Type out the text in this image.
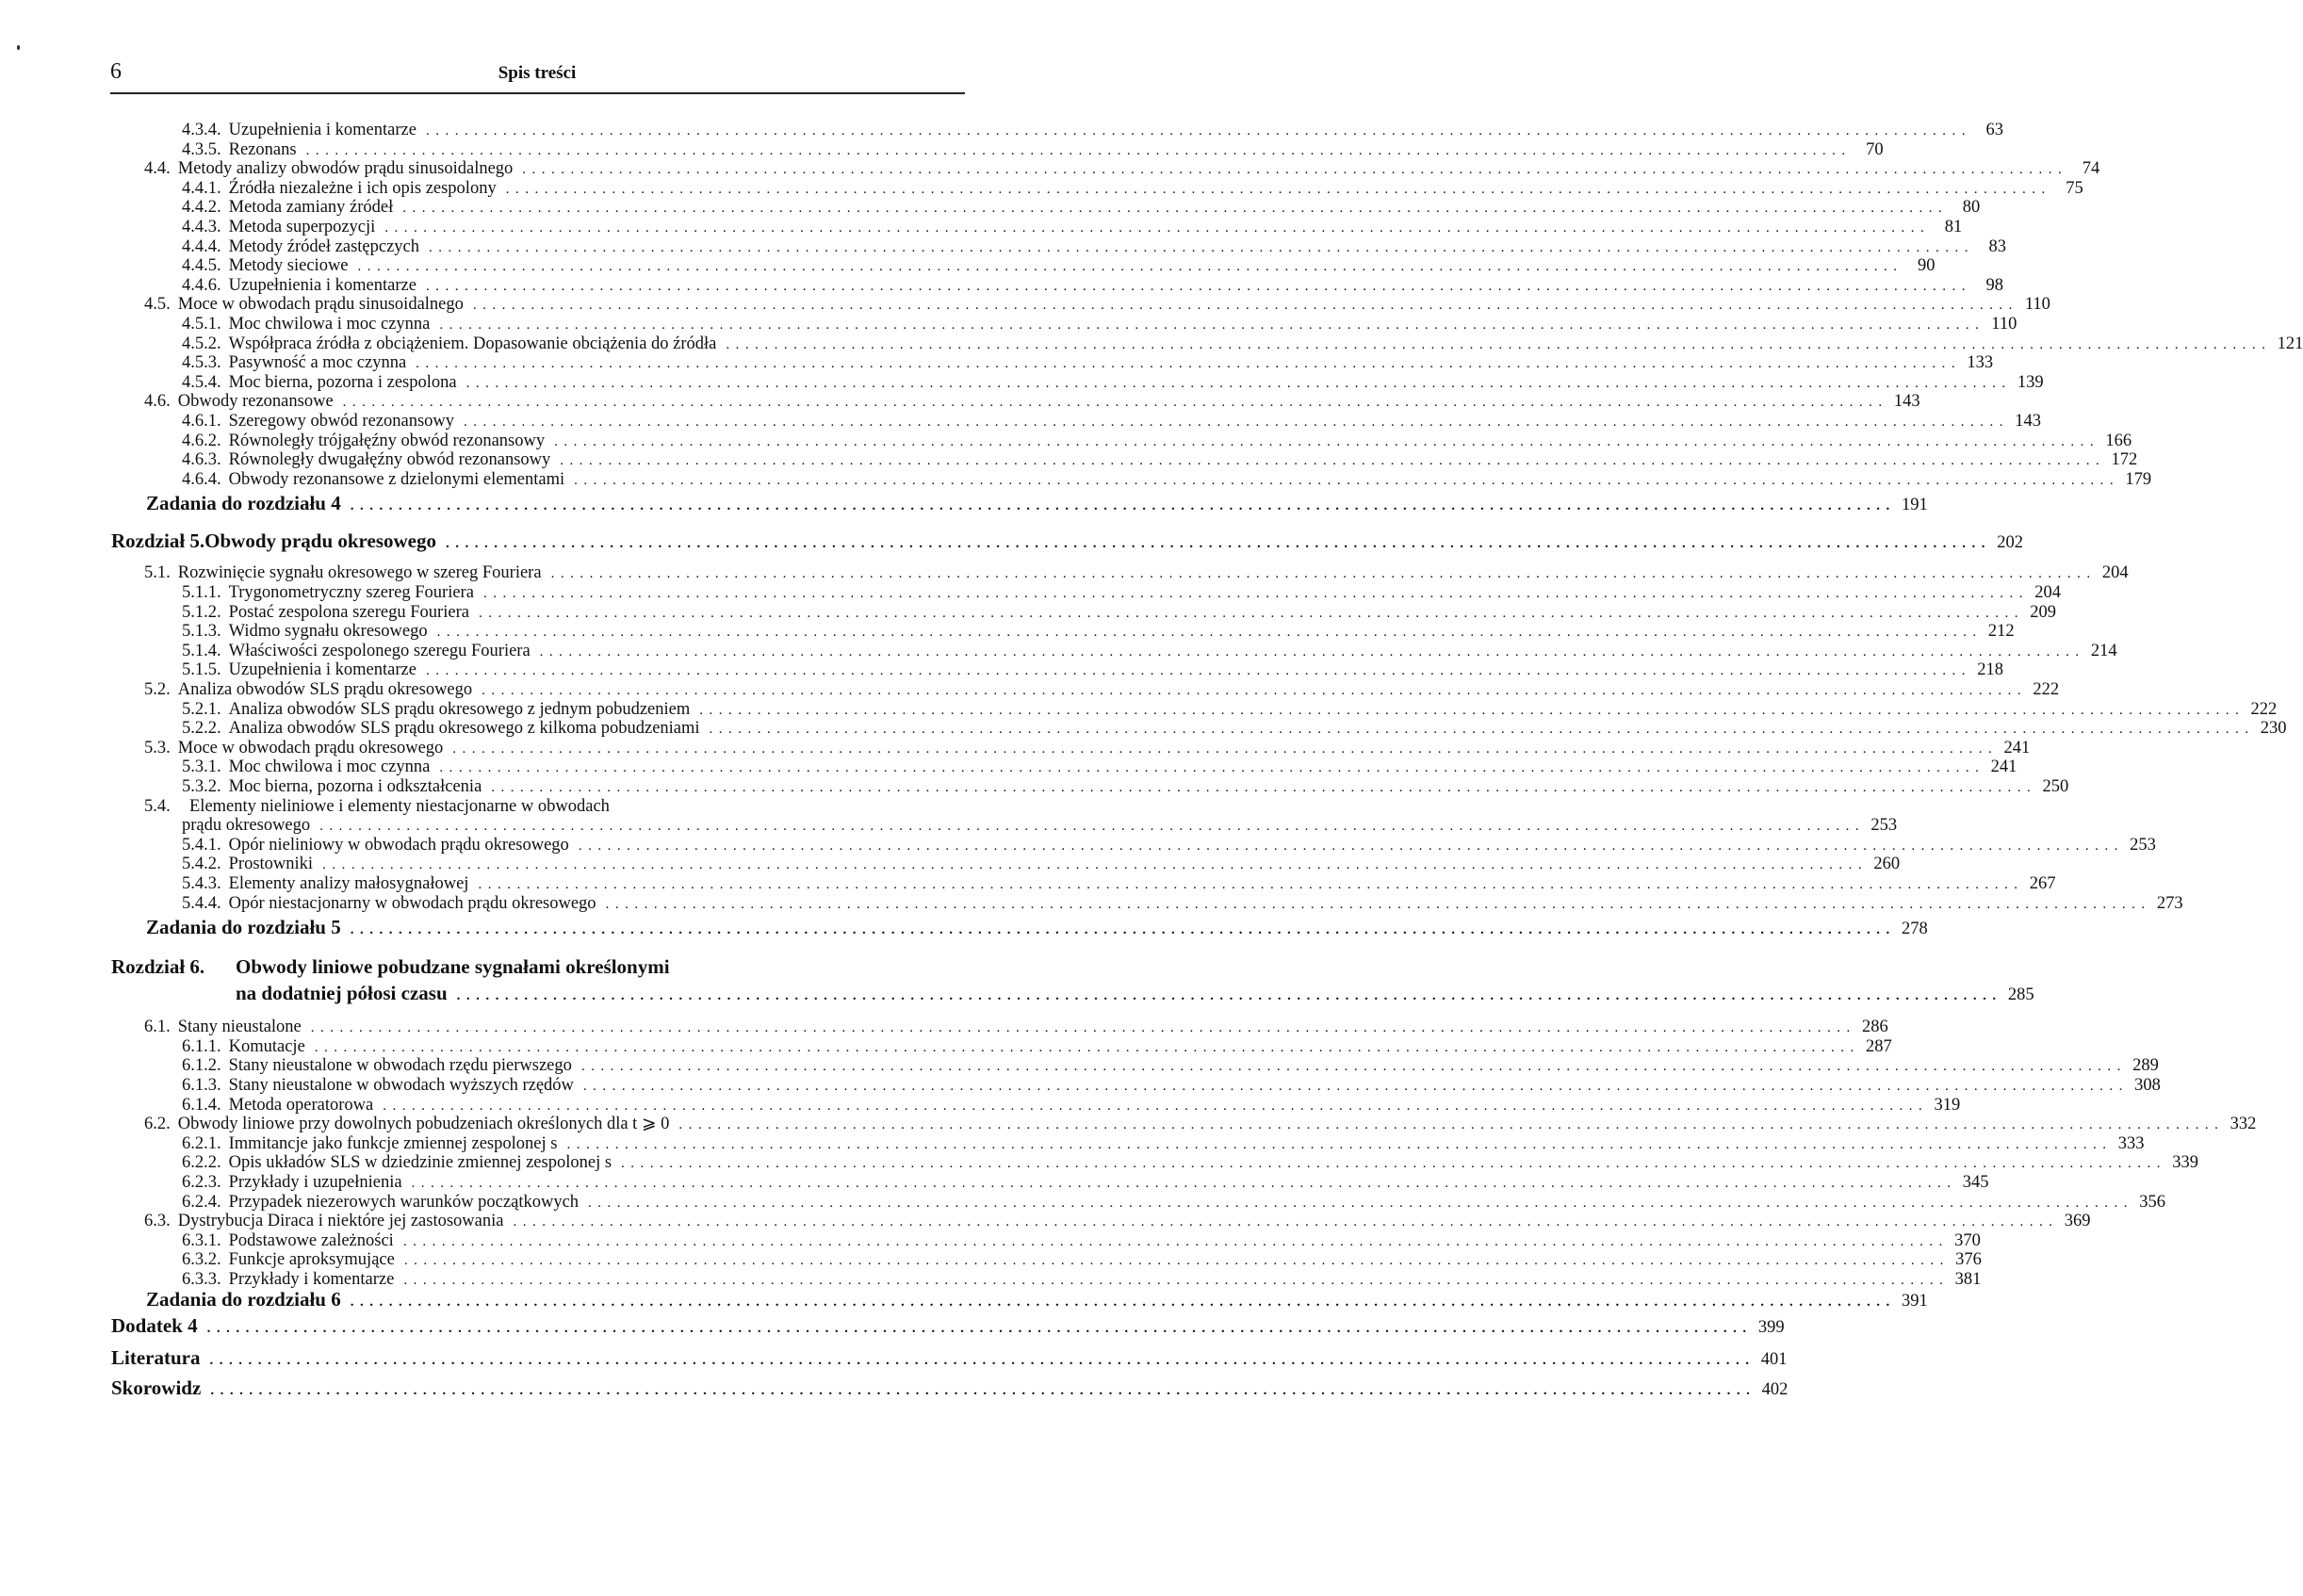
6	Spis treści
4.3.4. Uzupełnienia i komentarze ................................................................................................................................................................ 63
4.3.5. Rezonans ................................................................................................................................................................ 70
4.4. Metody analizy obwodów prądu sinusoidalnego ................................................................................................................................................................ 74
4.4.1. Źródła niezależne i ich opis zespolony ................................................................................................................................................................ 75
4.4.2. Metoda zamiany źródeł ................................................................................................................................................................ 80
4.4.3. Metoda superpozycji ................................................................................................................................................................ 81
4.4.4. Metody źródeł zastępczych ................................................................................................................................................................ 83
4.4.5. Metody sieciowe ................................................................................................................................................................ 90
4.4.6. Uzupełnienia i komentarze ................................................................................................................................................................ 98
4.5. Moce w obwodach prądu sinusoidalnego ................................................................................................................................................................ 110
4.5.1. Moc chwilowa i moc czynna ................................................................................................................................................................ 110
4.5.2. Współpraca źródła z obciążeniem. Dopasowanie obciążenia do źródła ................................................................................................................................................................ 121
4.5.3. Pasywność a moc czynna ................................................................................................................................................................ 133
4.5.4. Moc bierna, pozorna i zespolona ................................................................................................................................................................ 139
4.6. Obwody rezonansowe ................................................................................................................................................................ 143
4.6.1. Szeregowy obwód rezonansowy ................................................................................................................................................................ 143
4.6.2. Równoległy trójgałęźny obwód rezonansowy ................................................................................................................................................................ 166
4.6.3. Równoległy dwugałęźny obwód rezonansowy ................................................................................................................................................................ 172
4.6.4. Obwody rezonansowe z dzielonymi elementami ................................................................................................................................................................ 179
Zadania do rozdziału 4 ................................................................................................................................................................ 191
Rozdział 5. Obwody prądu okresowego ................................................................................................................................................................ 202
5.1. Rozwinięcie sygnału okresowego w szereg Fouriera ................................................................................................................................................................ 204
5.1.1. Trygonometryczny szereg Fouriera ................................................................................................................................................................ 204
5.1.2. Postać zespolona szeregu Fouriera ................................................................................................................................................................ 209
5.1.3. Widmo sygnału okresowego ................................................................................................................................................................ 212
5.1.4. Właściwości zespolonego szeregu Fouriera ................................................................................................................................................................ 214
5.1.5. Uzupełnienia i komentarze ................................................................................................................................................................ 218
5.2. Analiza obwodów SLS prądu okresowego ................................................................................................................................................................ 222
5.2.1. Analiza obwodów SLS prądu okresowego z jednym pobudzeniem ................................................................................................................................................................ 222
5.2.2. Analiza obwodów SLS prądu okresowego z kilkoma pobudzeniami ................................................................................................................................................................ 230
5.3. Moce w obwodach prądu okresowego ................................................................................................................................................................ 241
5.3.1. Moc chwilowa i moc czynna ................................................................................................................................................................ 241
5.3.2. Moc bierna, pozorna i odkształcenia ................................................................................................................................................................ 250
5.4.	Elementy nieliniowe i elementy niestacjonarne w obwodach
prądu okresowego ................................................................................................................................................................ 253
5.4.1. Opór nieliniowy w obwodach prądu okresowego ................................................................................................................................................................ 253
5.4.2. Prostowniki ................................................................................................................................................................ 260
5.4.3. Elementy analizy małosygnałowej ................................................................................................................................................................ 267
5.4.4. Opór niestacjonarny w obwodach prądu okresowego ................................................................................................................................................................ 273
Zadania do rozdziału 5 ................................................................................................................................................................ 278
Rozdział 6.	Obwody liniowe pobudzane sygnałami określonymi
na dodatniej półosi czasu ................................................................................................................................................................ 285
6.1. Stany nieustalone ................................................................................................................................................................ 286
6.1.1. Komutacje ................................................................................................................................................................ 287
6.1.2. Stany nieustalone w obwodach rzędu pierwszego ................................................................................................................................................................ 289
6.1.3. Stany nieustalone w obwodach wyższych rzędów ................................................................................................................................................................ 308
6.1.4. Metoda operatorowa ................................................................................................................................................................ 319
6.2. Obwody liniowe przy dowolnych pobudzeniach określonych dla t ⩾ 0 ................................................................................................................................................................ 332
6.2.1. Immitancje jako funkcje zmiennej zespolonej s ................................................................................................................................................................ 333
6.2.2. Opis układów SLS w dziedzinie zmiennej zespolonej s ................................................................................................................................................................ 339
6.2.3. Przykłady i uzupełnienia ................................................................................................................................................................ 345
6.2.4. Przypadek niezerowych warunków początkowych ................................................................................................................................................................ 356
6.3. Dystrybucja Diraca i niektóre jej zastosowania ................................................................................................................................................................ 369
6.3.1. Podstawowe zależności ................................................................................................................................................................ 370
6.3.2. Funkcje aproksymujące ................................................................................................................................................................ 376
6.3.3. Przykłady i komentarze ................................................................................................................................................................ 381
Zadania do rozdziału 6 ................................................................................................................................................................ 391
Dodatek 4 ................................................................................................................................................................ 399
Literatura ................................................................................................................................................................ 401
Skorowidz ................................................................................................................................................................ 402
